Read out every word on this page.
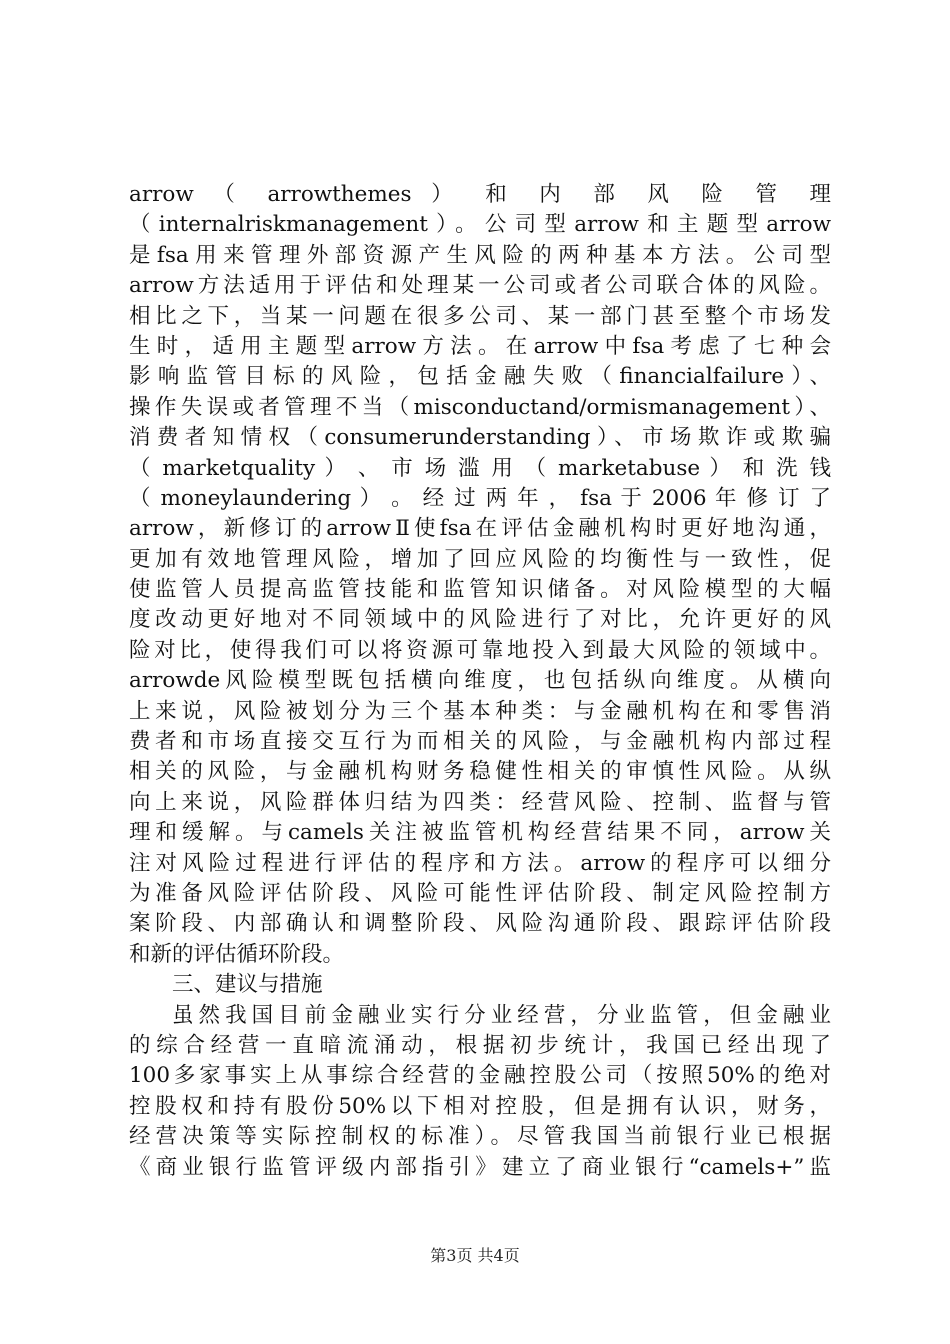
arrow （ arrowthemes ） 和 内 部 风 险 管 理
（internalriskmanagement）。公司型arrow和主题型arrow
是fsa用来管理外部资源产生风险的两种基本方法。公司型
arrow方法适用于评估和处理某一公司或者公司联合体的风险。
相比之下，当某一问题在很多公司、某一部门甚至整个市场发
生时，适用主题型arrow方法。在arrow中fsa考虑了七种会
影响监管目标的风险，包括金融失败（financialfailure）、
操作失误或者管理不当（misconductand/ormismanagement）、
消费者知情权（consumerunderstanding）、市场欺诈或欺骗
（ marketquality ） 、 市 场 滥 用 （ marketabuse ） 和 洗 钱
（ moneylaundering ） 。 经 过 两 年 ， fsa 于 2006 年 修 订 了
arrow，新修订的arrowⅡ使fsa在评估金融机构时更好地沟通，
更加有效地管理风险，增加了回应风险的均衡性与一致性，促
使监管人员提高监管技能和监管知识储备。对风险模型的大幅
度改动更好地对不同领域中的风险进行了对比，允许更好的风
险对比，使得我们可以将资源可靠地投入到最大风险的领域中。
arrowde风险模型既包括横向维度，也包括纵向维度。从横向
上来说，风险被划分为三个基本种类：与金融机构在和零售消
费者和市场直接交互行为而相关的风险，与金融机构内部过程
相关的风险，与金融机构财务稳健性相关的审慎性风险。从纵
向上来说，风险群体归结为四类：经营风险、控制、监督与管
理和缓解。与camels关注被监管机构经营结果不同，arrow关
注对风险过程进行评估的程序和方法。arrow的程序可以细分
为准备风险评估阶段、风险可能性评估阶段、制定风险控制方
案阶段、内部确认和调整阶段、风险沟通阶段、跟踪评估阶段
和新的评估循环阶段。
三、建议与措施
虽然我国目前金融业实行分业经营，分业监管，但金融业
的综合经营一直暗流涌动，根据初步统计，我国已经出现了
100多家事实上从事综合经营的金融控股公司（按照50%的绝对
控股权和持有股份50%以下相对控股，但是拥有认识，财务，
经营决策等实际控制权的标准）。尽管我国当前银行业已根据
《商业银行监管评级内部指引》建立了商业银行“camels+”监
第3页 共4页
